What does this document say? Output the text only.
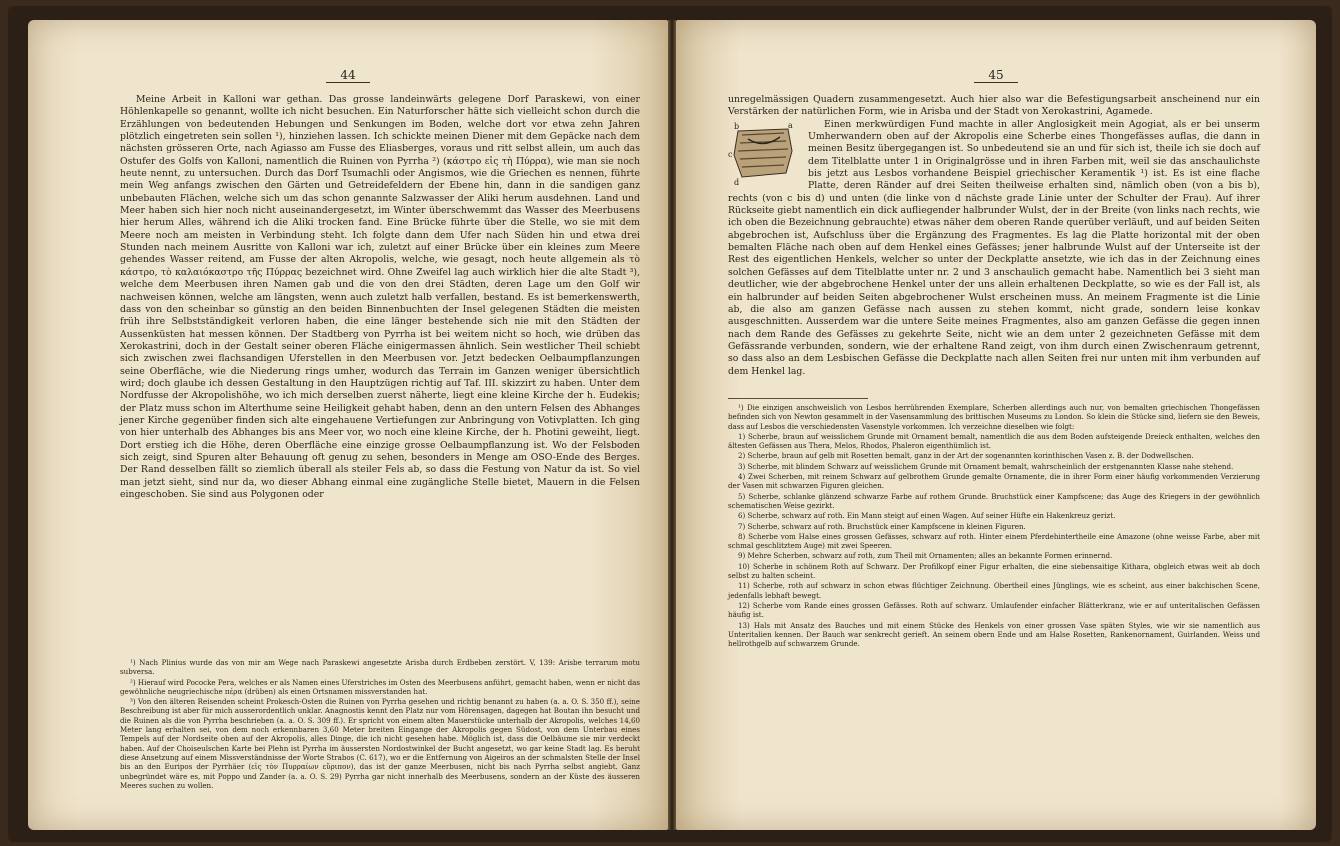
44

Meine Arbeit in Kalloni war gethan. Das grosse landeinwärts gelegene Dorf Paraskewi, von einer Höhlenkapelle so genannt, wollte ich nicht besuchen. Ein Naturforscher hätte sich vielleicht schon durch die Erzählungen von bedeutenden Hebungen und Senkungen im Boden, welche dort vor etwa zehn Jahren plötzlich eingetreten sein sollen ¹), hinziehen lassen. Ich schickte meinen Diener mit dem Gepäcke nach dem nächsten grösseren Orte, nach Agiasso am Fusse des Eliasberges, voraus und ritt selbst allein, um auch das Ostufer des Golfs von Kalloni, namentlich die Ruinen von Pyrrha ²) (κάστρο εἰς τὴ Πύρρα), wie man sie noch heute nennt, zu untersuchen. Durch das Dorf Tsumachli oder Angismos, wie die Griechen es nennen, führte mein Weg anfangs zwischen den Gärten und Getreidefeldern der Ebene hin, dann in die sandigen ganz unbebauten Flächen, welche sich um das schon genannte Salzwasser der Aliki herum ausdehnen. Land und Meer haben sich hier noch nicht auseinandergesetzt, im Winter überschwemmt das Wasser des Meerbusens hier herum Alles, während ich die Aliki trocken fand. Eine Brücke führte über die Stelle, wo sie mit dem Meere noch am meisten in Verbindung steht. Ich folgte dann dem Ufer nach Süden hin und etwa drei Stunden nach meinem Ausritte von Kalloni war ich, zuletzt auf einer Brücke über ein kleines zum Meere gehendes Wasser reitend, am Fusse der alten Akropolis, welche, wie gesagt, noch heute allgemein als τὸ κάστρο, τὸ καλαιόκαστρο τῆς Πύρρας bezeichnet wird. Ohne Zweifel lag auch wirklich hier die alte Stadt ³), welche dem Meerbusen ihren Namen gab und die von den drei Städten, deren Lage um den Golf wir nachweisen können, welche am längsten, wenn auch zuletzt halb verfallen, bestand. Es ist bemerkenswerth, dass von den scheinbar so günstig an den beiden Binnenbuchten der Insel gelegenen Städten die meisten früh ihre Selbstständigkeit verloren haben, die eine länger bestehende sich nie mit den Städten der Aussenküsten hat messen können. Der Stadtberg von Pyrrha ist bei weitem nicht so hoch, wie drüben das Xerokastrini, doch in der Gestalt seiner oberen Fläche einigermassen ähnlich. Sein westlicher Theil schiebt sich zwischen zwei flachsandigen Uferstellen in den Meerbusen vor. Jetzt bedecken Oelbaumpflanzungen seine Oberfläche, wie die Niederung rings umher, wodurch das Terrain im Ganzen weniger übersichtlich wird; doch glaube ich dessen Gestaltung in den Hauptzügen richtig auf Taf. III. skizzirt zu haben. Unter dem Nordfusse der Akropolishöhe, wo ich mich derselben zuerst näherte, liegt eine kleine Kirche der h. Eudekis; der Platz muss schon im Alterthume seine Heiligkeit gehabt haben, denn an den untern Felsen des Abhanges jener Kirche gegenüber finden sich alte eingehauene Vertiefungen zur Anbringung von Votivplatten. Ich ging von hier unterhalb des Abhanges bis ans Meer vor, wo noch eine kleine Kirche, der h. Photini geweiht, liegt. Dort erstieg ich die Höhe, deren Oberfläche eine einzige grosse Oelbaumpflanzung ist. Wo der Felsboden sich zeigt, sind Spuren alter Behauung oft genug zu sehen, besonders in Menge am OSO-Ende des Berges. Der Rand desselben fällt so ziemlich überall als steiler Fels ab, so dass die Festung von Natur da ist. So viel man jetzt sieht, sind nur da, wo dieser Abhang einmal eine zugängliche Stelle bietet, Mauern in die Felsen eingeschoben. Sie sind aus Polygonen oder

¹) Nach Plinius wurde das von mir am Wege nach Paraskewi angesetzte Arisba durch Erdbeben zerstört. V, 139: Arisbe terrarum motu subversa.

²) Hierauf wird Pococke Pera, welches er als Namen eines Uferstriches im Osten des Meerbusens anführt, gemacht haben, wenn er nicht das gewöhnliche neugriechische πέρα (drüben) als einen Ortsnamen missverstanden hat.

³) Von den älteren Reisenden scheint Prokesch-Osten die Ruinen von Pyrrha gesehen und richtig benannt zu haben (a. a. O. S. 350 ff.), seine Beschreibung ist aber für mich ausserordentlich unklar. Anagnostis kennt den Platz nur vom Hörensagen, dagegen hat Boutan ihn besucht und die Ruinen als die von Pyrrha beschrieben (a. a. O. S. 309 ff.). Er spricht von einem alten Mauerstücke unterhalb der Akropolis, welches 14,60 Meter lang erhalten sei, von dem noch erkennbaren 3,60 Meter breiten Eingange der Akropolis gegen Südost, von dem Unterbau eines Tempels auf der Nordseite oben auf der Akropolis, alles Dinge, die ich nicht gesehen habe. Möglich ist, dass die Oelbäume sie mir verdeckt haben. Auf der Choiseulschen Karte bei Plehn ist Pyrrha im äussersten Nordostwinkel der Bucht angesetzt, wo gar keine Stadt lag. Es beruht diese Ansetzung auf einem Missverständnisse der Worte Strabos (C. 617), wo er die Entfernung von Aigeiros an der schmalsten Stelle der Insel bis an den Euripos der Pyrrhäer (εἰς τὸν Πυρραίων εὔριπον), das ist der ganze Meerbusen, nicht bis nach Pyrrha selbst angiebt. Ganz unbegründet wäre es, mit Poppo und Zander (a. a. O. S. 29) Pyrrha gar nicht innerhalb des Meerbusens, sondern an der Küste des äusseren Meeres suchen zu wollen.

45

unregelmässigen Quadern zusammengesetzt. Auch hier also war die Befestigungsarbeit anscheinend nur ein Verstärken der natürlichen Form, wie in Arisba und der Stadt von Xerokastrini, Agamede.

b	a
c
d

Einen merkwürdigen Fund machte in aller Anglosigkeit mein Agogiat, als er bei unserm Umherwandern oben auf der Akropolis eine Scherbe eines Thongefässes auflas, die dann in meinen Besitz übergegangen ist. So unbedeutend sie an und für sich ist, theile ich sie doch auf dem Titelblatte unter 1 in Originalgrösse und in ihren Farben mit, weil sie das anschaulichste bis jetzt aus Lesbos vorhandene Beispiel griechischer Keramentik ¹) ist. Es ist eine flache Platte, deren Ränder auf drei Seiten theilweise erhalten sind, nämlich oben (von a bis b), rechts (von c bis d) und unten (die linke von d nächste grade Linie unter der Schulter der Frau). Auf ihrer Rückseite giebt namentlich ein dick aufliegender halbrunder Wulst, der in der Breite (von links nach rechts, wie ich oben die Bezeichnung gebrauchte) etwas näher dem oberen Rande querüber verläuft, und auf beiden Seiten abgebrochen ist, Aufschluss über die Ergänzung des Fragmentes. Es lag die Platte horizontal mit der oben bemalten Fläche nach oben auf dem Henkel eines Gefässes; jener halbrunde Wulst auf der Unterseite ist der Rest des eigentlichen Henkels, welcher so unter der Deckplatte ansetzte, wie ich das in der Zeichnung eines solchen Gefässes auf dem Titelblatte unter nr. 2 und 3 anschaulich gemacht habe. Namentlich bei 3 sieht man deutlicher, wie der abgebrochene Henkel unter der uns allein erhaltenen Deckplatte, so wie es der Fall ist, als ein halbrunder auf beiden Seiten abgebrochener Wulst erscheinen muss. An meinem Fragmente ist die Linie ab, die also am ganzen Gefässe nach aussen zu stehen kommt, nicht grade, sondern leise konkav ausgeschnitten. Ausserdem war die untere Seite meines Fragmentes, also am ganzen Gefässe die gegen innen nach dem Rande des Gefässes zu gekehrte Seite, nicht wie an dem unter 2 gezeichneten Gefässe mit dem Gefässrande verbunden, sondern, wie der erhaltene Rand zeigt, von ihm durch einen Zwischenraum getrennt, so dass also an dem Lesbischen Gefässe die Deckplatte nach allen Seiten frei nur unten mit ihm verbunden auf dem Henkel lag.

¹) Die einzigen anschweislich von Lesbos herrührenden Exemplare, Scherben allerdings auch nur, von bemalten griechischen Thongefässen befinden sich von Newton gesammelt in der Vasensammlung des brittischen Museums zu London. So klein die Stücke sind, liefern sie den Beweis, dass auf Lesbos die verschiedensten Vasenstyle vorkommen. Ich verzeichne dieselben wie folgt:

1) Scherbe, braun auf weisslichem Grunde mit Ornament bemalt, namentlich die aus dem Boden aufsteigende Dreieck enthalten, welches den ältesten Gefässen aus Thera, Melos, Rhodos, Phaleron eigenthümlich ist.

2) Scherbe, braun auf gelb mit Rosetten bemalt, ganz in der Art der sogenannten korinthischen Vasen z. B. der Dodwellschen.

3) Scherbe, mit blindem Schwarz auf weisslichem Grunde mit Ornament bemalt, wahrscheinlich der erstgenannten Klasse nahe stehend.

4) Zwei Scherben, mit reinem Schwarz auf gelbrothem Grunde gemalte Ornamente, die in ihrer Form einer häufig vorkommenden Verzierung der Vasen mit schwarzen Figuren gleichen.

5) Scherbe, schlanke glänzend schwarze Farbe auf rothem Grunde. Bruchstück einer Kampfscene; das Auge des Kriegers in der gewöhnlich schematischen Weise gezirkt.

6) Scherbe, schwarz auf roth. Ein Mann steigt auf einen Wagen. Auf seiner Hüfte ein Hakenkreuz gerizt.

7) Scherbe, schwarz auf roth. Bruchstück einer Kampfscene in kleinen Figuren.

8) Scherbe vom Halse eines grossen Gefässes, schwarz auf roth. Hinter einem Pferdehintertheile eine Amazone (ohne weisse Farbe, aber mit schmal geschlitztem Auge) mit zwei Speeren.

9) Mehre Scherben, schwarz auf roth, zum Theil mit Ornamenten; alles an bekannte Formen erinnernd.

10) Scherbe in schönem Roth auf Schwarz. Der Profilkopf einer Figur erhalten, die eine siebensaitige Kithara, obgleich etwas weit ab doch selbst zu halten scheint.

11) Scherbe, roth auf schwarz in schon etwas flüchtiger Zeichnung. Obertheil eines Jünglings, wie es scheint, aus einer bakchischen Scene, jedenfalls lebhaft bewegt.

12) Scherbe vom Rande eines grossen Gefässes. Roth auf schwarz. Umlaufender einfacher Blätterkranz, wie er auf unteritalischen Gefässen häufig ist.

13) Hals mit Ansatz des Bauches und mit einem Stücke des Henkels von einer grossen Vase späten Styles, wie wir sie namentlich aus Unteritalien kennen. Der Bauch war senkrecht gerieft. An seinem obern Ende und am Halse Rosetten, Rankenornament, Guirlanden. Weiss und hellrothgelb auf schwarzem Grunde.
